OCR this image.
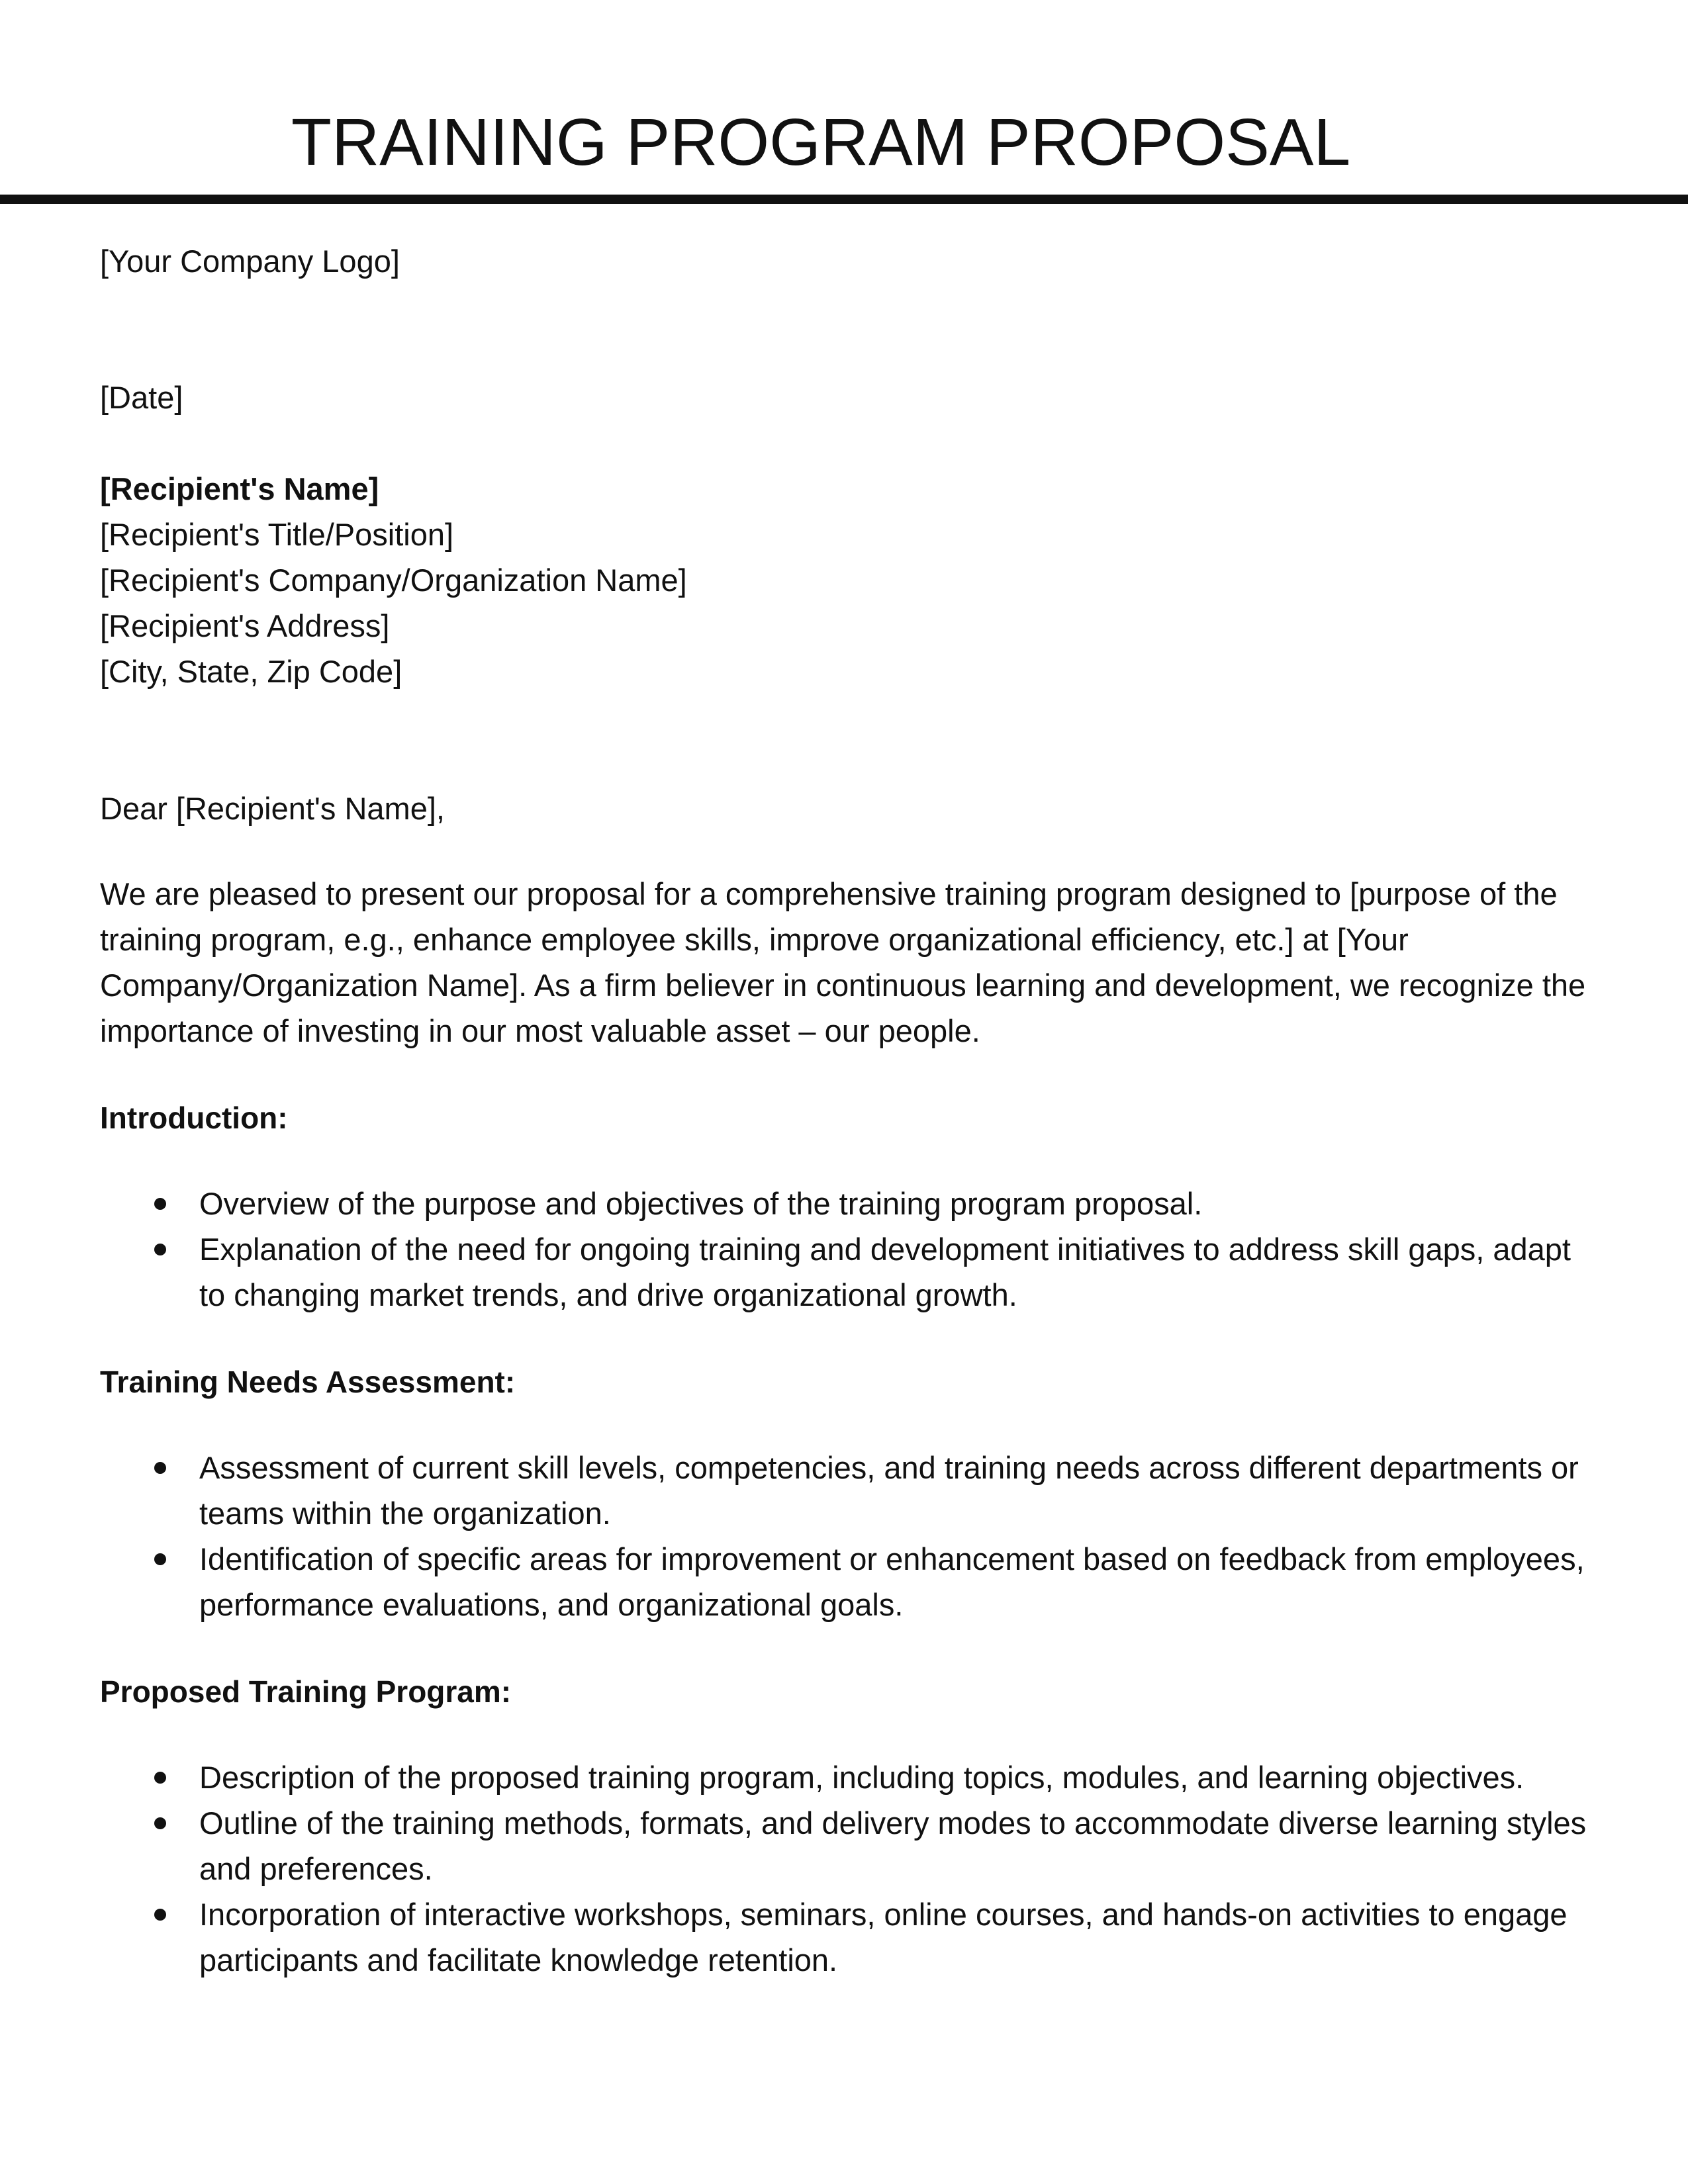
TRAINING PROGRAM PROPOSAL

[Your Company Logo]

[Date]

[Recipient's Name]

[Recipient's Title/Position]

[Recipient's Company/Organization Name]

[Recipient's Address]

[City, State, Zip Code]

Dear [Recipient's Name],

We are pleased to present our proposal for a comprehensive training program designed to [purpose of the training program, e.g., enhance employee skills, improve organizational efficiency, etc.] at [Your Company/Organization Name]. As a firm believer in continuous learning and development, we recognize the importance of investing in our most valuable asset – our people.

Introduction:

Overview of the purpose and objectives of the training program proposal.
Explanation of the need for ongoing training and development initiatives to address skill gaps, adapt to changing market trends, and drive organizational growth.

Training Needs Assessment:

Assessment of current skill levels, competencies, and training needs across different departments or teams within the organization.
Identification of specific areas for improvement or enhancement based on feedback from employees, performance evaluations, and organizational goals.

Proposed Training Program:

Description of the proposed training program, including topics, modules, and learning objectives.
Outline of the training methods, formats, and delivery modes to accommodate diverse learning styles and preferences.
Incorporation of interactive workshops, seminars, online courses, and hands-on activities to engage participants and facilitate knowledge retention.
